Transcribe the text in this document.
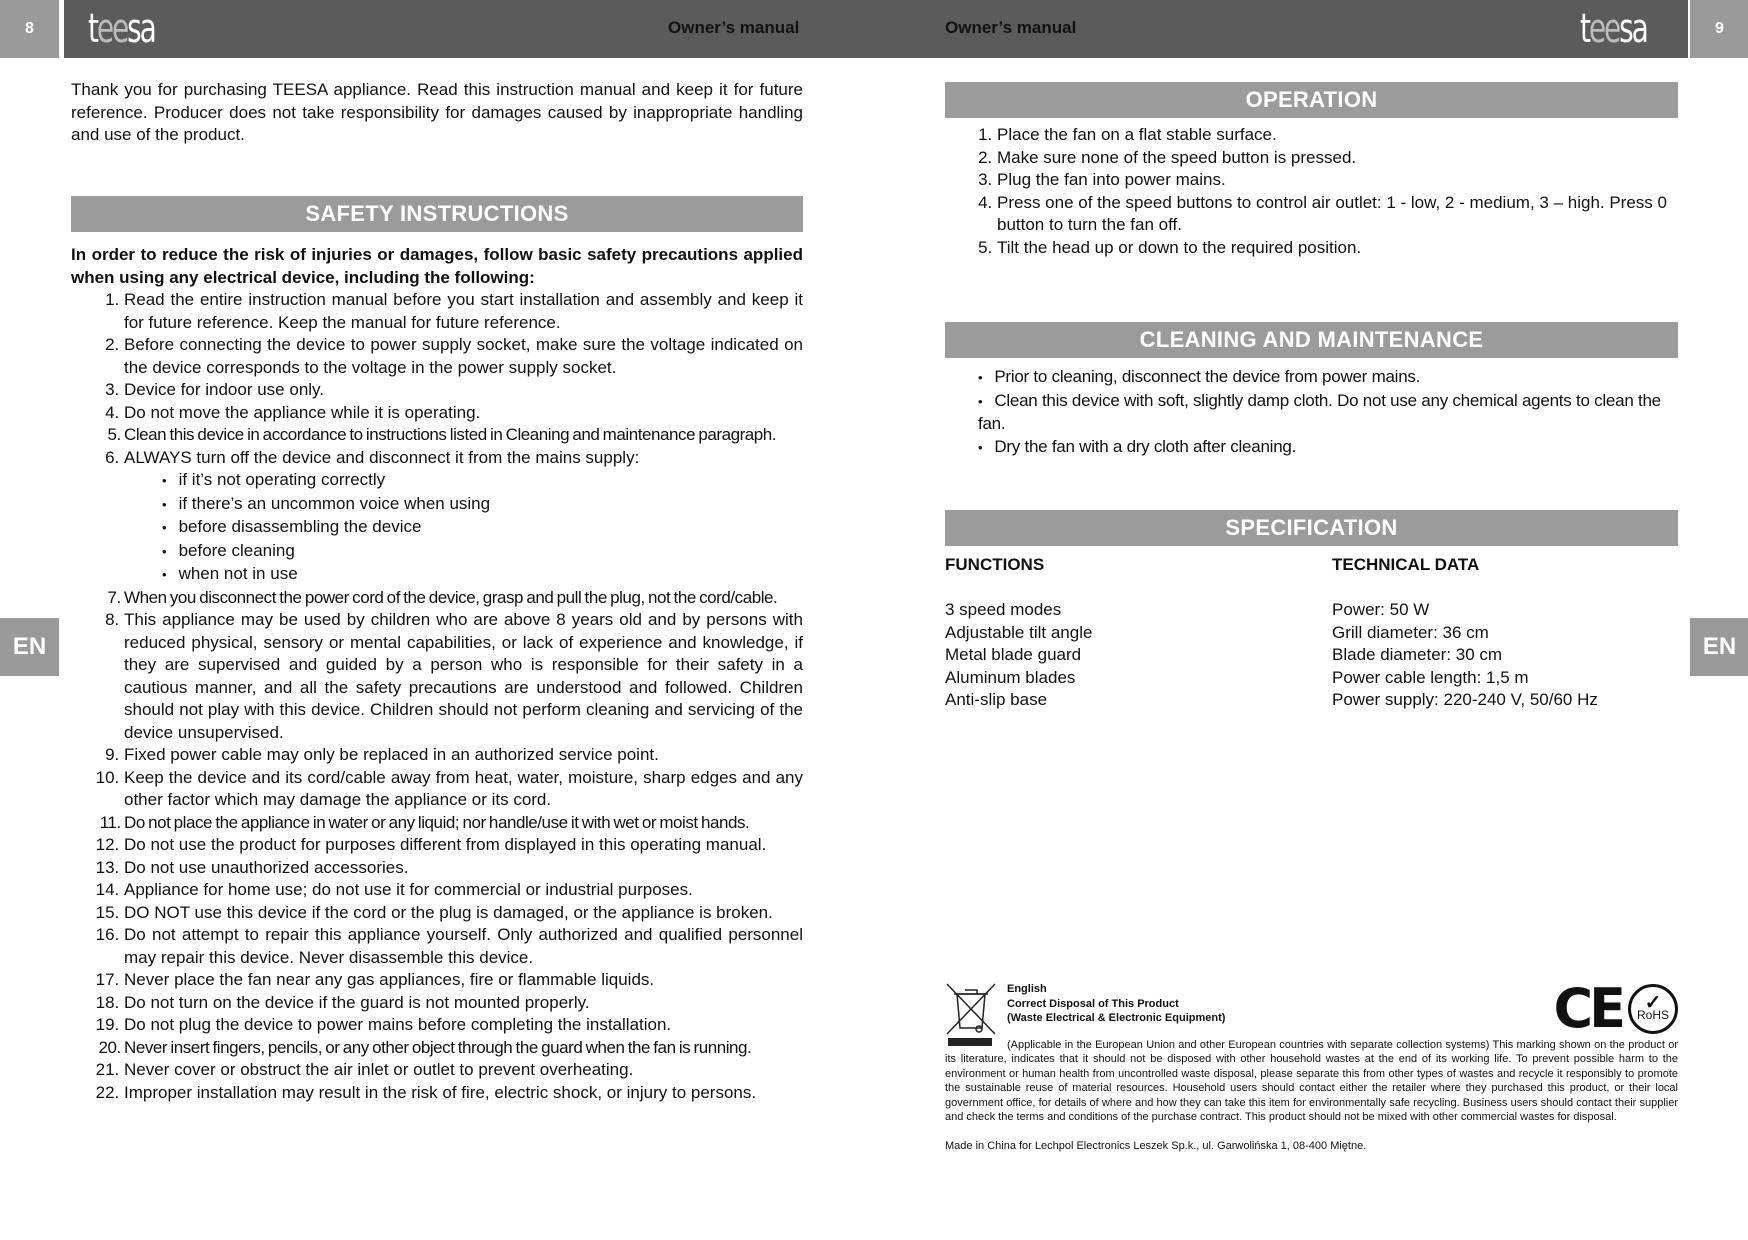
8	9
teesa	teesa
Owner’s manual	Owner’s manual
EN	EN
Thank you for purchasing TEESA appliance. Read this instruction manual and keep it for future reference. Producer does not take responsibility for damages caused by inappropriate handling and use of the product.
SAFETY INSTRUCTIONS
In order to reduce the risk of injuries or damages, follow basic safety precautions applied when using any electrical device, including the following:
1. Read the entire instruction manual before you start installation and assembly and keep it for future reference. Keep the manual for future reference.
2. Before connecting the device to power supply socket, make sure the voltage indicated on the device corresponds to the voltage in the power supply socket.
3. Device for indoor use only.
4. Do not move the appliance while it is operating.
5. Clean this device in accordance to instructions listed in Cleaning and maintenance paragraph.
6. ALWAYS turn off the device and disconnect it from the mains supply:
• if it’s not operating correctly
• if there’s an uncommon voice when using
• before disassembling the device
• before cleaning
• when not in use
7. When you disconnect the power cord of the device, grasp and pull the plug, not the cord/cable.
8. This appliance may be used by children who are above 8 years old and by persons with reduced physical, sensory or mental capabilities, or lack of experience and knowledge, if they are supervised and guided by a person who is responsible for their safety in a cautious manner, and all the safety precautions are understood and followed. Children should not play with this device. Children should not perform cleaning and servicing of the device unsupervised.
9. Fixed power cable may only be replaced in an authorized service point.
10. Keep the device and its cord/cable away from heat, water, moisture, sharp edges and any other factor which may damage the appliance or its cord.
11. Do not place the appliance in water or any liquid; nor handle/use it with wet or moist hands.
12. Do not use the product for purposes different from displayed in this operating manual.
13. Do not use unauthorized accessories.
14. Appliance for home use; do not use it for commercial or industrial purposes.
15. DO NOT use this device if the cord or the plug is damaged, or the appliance is broken.
16. Do not attempt to repair this appliance yourself. Only authorized and qualified personnel may repair this device. Never disassemble this device.
17. Never place the fan near any gas appliances, fire or flammable liquids.
18. Do not turn on the device if the guard is not mounted properly.
19. Do not plug the device to power mains before completing the installation.
20. Never insert fingers, pencils, or any other object through the guard when the fan is running.
21. Never cover or obstruct the air inlet or outlet to prevent overheating.
22. Improper installation may result in the risk of fire, electric shock, or injury to persons.
OPERATION
1. Place the fan on a flat stable surface.
2. Make sure none of the speed button is pressed.
3. Plug the fan into power mains.
4. Press one of the speed buttons to control air outlet: 1 - low, 2 - medium, 3 – high. Press 0 button to turn the fan off.
5. Tilt the head up or down to the required position.
CLEANING AND MAINTENANCE
• Prior to cleaning, disconnect the device from power mains.
• Clean this device with soft, slightly damp cloth. Do not use any chemical agents to clean the fan.
• Dry the fan with a dry cloth after cleaning.
SPECIFICATION
FUNCTIONS
3 speed modes
Adjustable tilt angle
Metal blade guard
Aluminum blades
Anti-slip base
TECHNICAL DATA
Power: 50 W
Grill diameter: 36 cm
Blade diameter: 30 cm
Power cable length: 1,5 m
Power supply: 220-240 V, 50/60 Hz
English
Correct Disposal of This Product
(Waste Electrical & Electronic Equipment)
(Applicable in the European Union and other European countries with separate collection systems) This marking shown on the product or its literature, indicates that it should not be disposed with other household wastes at the end of its working life. To prevent possible harm to the environment or human health from uncontrolled waste disposal, please separate this from other types of wastes and recycle it responsibly to promote the sustainable reuse of material resources. Household users should contact either the retailer where they purchased this product, or their local government office, for details of where and how they can take this item for environmentally safe recycling. Business users should contact their supplier and check the terms and conditions of the purchase contract. This product should not be mixed with other commercial wastes for disposal.
Made in China for Lechpol Electronics Leszek Sp.k., ul. Garwolińska 1, 08-400 Miętne.
CE ✓
RoHS
